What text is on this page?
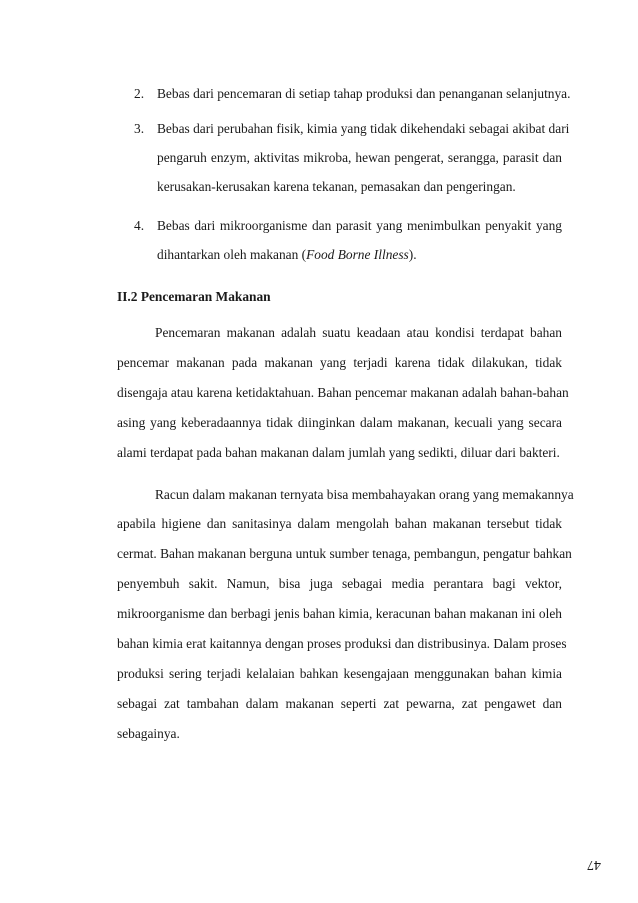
2. Bebas dari pencemaran di setiap tahap produksi dan penanganan selanjutnya.
3. Bebas dari perubahan fisik, kimia yang tidak dikehendaki sebagai akibat dari
pengaruh enzym, aktivitas mikroba, hewan pengerat, serangga, parasit dan
kerusakan-kerusakan karena tekanan, pemasakan dan pengeringan.
4. Bebas dari mikroorganisme dan parasit yang menimbulkan penyakit yang
dihantarkan oleh makanan (Food Borne Illness).
II.2 Pencemaran Makanan
Pencemaran makanan adalah suatu keadaan atau kondisi terdapat bahan
pencemar makanan pada makanan yang terjadi karena tidak dilakukan, tidak
disengaja atau karena ketidaktahuan. Bahan pencemar makanan adalah bahan-bahan
asing yang keberadaannya tidak diinginkan dalam makanan, kecuali yang secara
alami terdapat pada bahan makanan dalam jumlah yang sedikti, diluar dari bakteri.
Racun dalam makanan ternyata bisa membahayakan orang yang memakannya
apabila higiene dan sanitasinya dalam mengolah bahan makanan tersebut tidak
cermat. Bahan makanan berguna untuk sumber tenaga, pembangun, pengatur bahkan
penyembuh sakit. Namun, bisa juga sebagai media perantara bagi vektor,
mikroorganisme dan berbagi jenis bahan kimia, keracunan bahan makanan ini oleh
bahan kimia erat kaitannya dengan proses produksi dan distribusinya. Dalam proses
produksi sering terjadi kelalaian bahkan kesengajaan menggunakan bahan kimia
sebagai zat tambahan dalam makanan seperti zat pewarna, zat pengawet dan
sebagainya.
47
